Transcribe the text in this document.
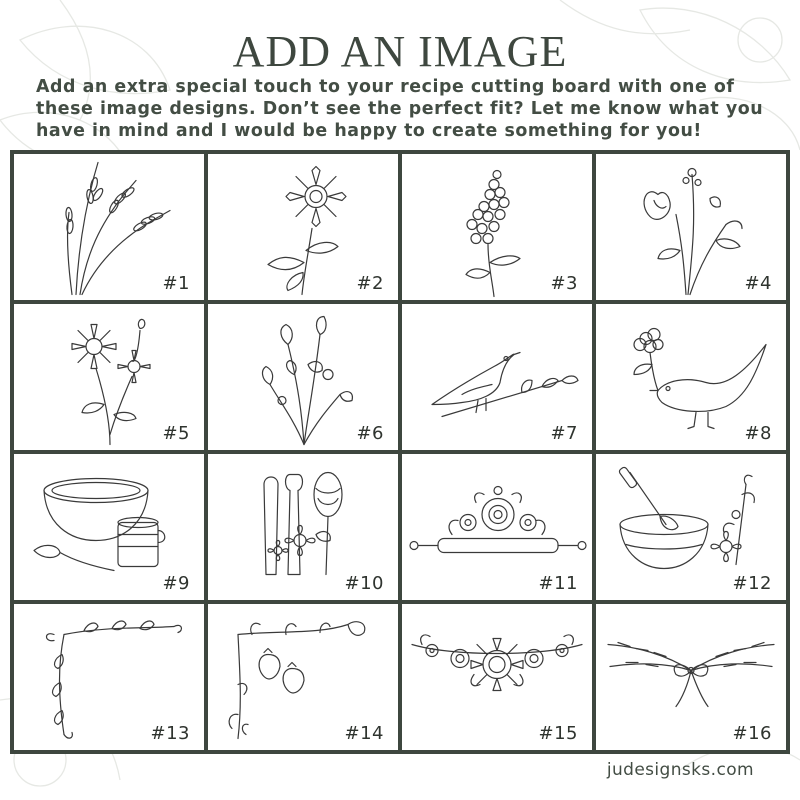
ADD AN IMAGE

Add an extra special touch to your recipe cutting board with one of these image designs. Don’t see the perfect fit? Let me know what you have in mind and I would be happy to create something for you!

#1	#2	#3	#4
#5	#6	#7	#8
#9	#10	#11	#12
#13	#14	#15	#16
judesignsks.com
